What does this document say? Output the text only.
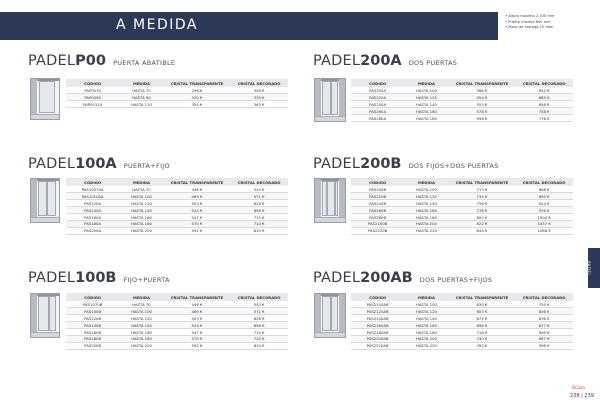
A MEDIDA
• Altura máxima 2.200 mm
• Puerta mínima 600 mm
• Plazo de entrega 15 días
PADEL
PADELP00 PUERTA ABATIBLE
CÓDIGO	MEDIDA	CRISTAL TRANSPARENTE	CRISTAL DECORADO
PAP0070	HASTA 70	296 €	306 €
PAP0090	HASTA 90	320 €	339 €
PAP00110	HASTA 110	354 €	363 €
PADEL100A PUERTA+FIJO
CÓDIGO	MEDIDA	CRISTAL TRANSPARENTE	CRISTAL DECORADO
PAS10070A	HASTA 70	446 €	543 €
PAS10100A	HASTA 100	469 €	571 €
PAS120A	HASTA 120	503 €	626 €
PAS140A	HASTA 140	524 €	656 €
PAS160A	HASTA 160	547 €	715 €
PAS180A	HASTA 180	570 €	710 €
PAS200A	HASTA 200	592 €	810 €
PADEL100B FIJO+PUERTA
CÓDIGO	MEDIDA	CRISTAL TRANSPARENTE	CRISTAL DECORADO
PAS1070B	HASTA 70	446 €	543 €
PAS100B	HASTA 100	469 €	571 €
PAS120B	HASTA 120	503 €	626 €
PAS140B	HASTA 140	524 €	656 €
PAS160B	HASTA 160	547 €	715 €
PAS180B	HASTA 180	570 €	710 €
PAS200B	HASTA 200	592 €	810 €
PADEL200A DOS PUERTAS
CÓDIGO	MEDIDA	CRISTAL TRANSPARENTE	CRISTAL DECORADO
PAS200A	HASTA 100	586 €	642 €
PAS220A	HASTA 120	554 €	685 €
PAS240A	HASTA 140	553 €	656 €
PAS260A	HASTA 160	578 €	758 €
PAS280A	HASTA 180	598 €	776 €
PADEL200B DOS FIJOS+DOS PUERTAS
CÓDIGO	MEDIDA	CRISTAL TRANSPARENTE	CRISTAL DECORADO
PAS200B	HASTA 100	713 €	868 €
PAS220B	HASTA 120	734 €	895 €
PAS240B	HASTA 140	756 €	924 €
PAS260B	HASTA 160	778 €	976 €
PAS280B	HASTA 180	800 €	1004 €
PAS2100B	HASTA 200	822 €	1037 €
PAS2220B	HASTA 220	844 €	1068 €
PADEL200AB DOS PUERTAS+FIJOS
CÓDIGO	MEDIDA	CRISTAL TRANSPARENTE	CRISTAL DECORADO
PAS2100AB	HASTA 100	630 €	755 €
PAS2120AB	HASTA 120	653 €	806 €
PAS2140AB	HASTA 140	675 €	836 €
PAS2160AB	HASTA 160	696 €	877 €
PAS2180AB	HASTA 180	718 €	909 €
PAS2200AB	HASTA 200	740 €	967 €
PAS2220AB	HASTA 220	762 €	996 €
GCasa
238 | 239
